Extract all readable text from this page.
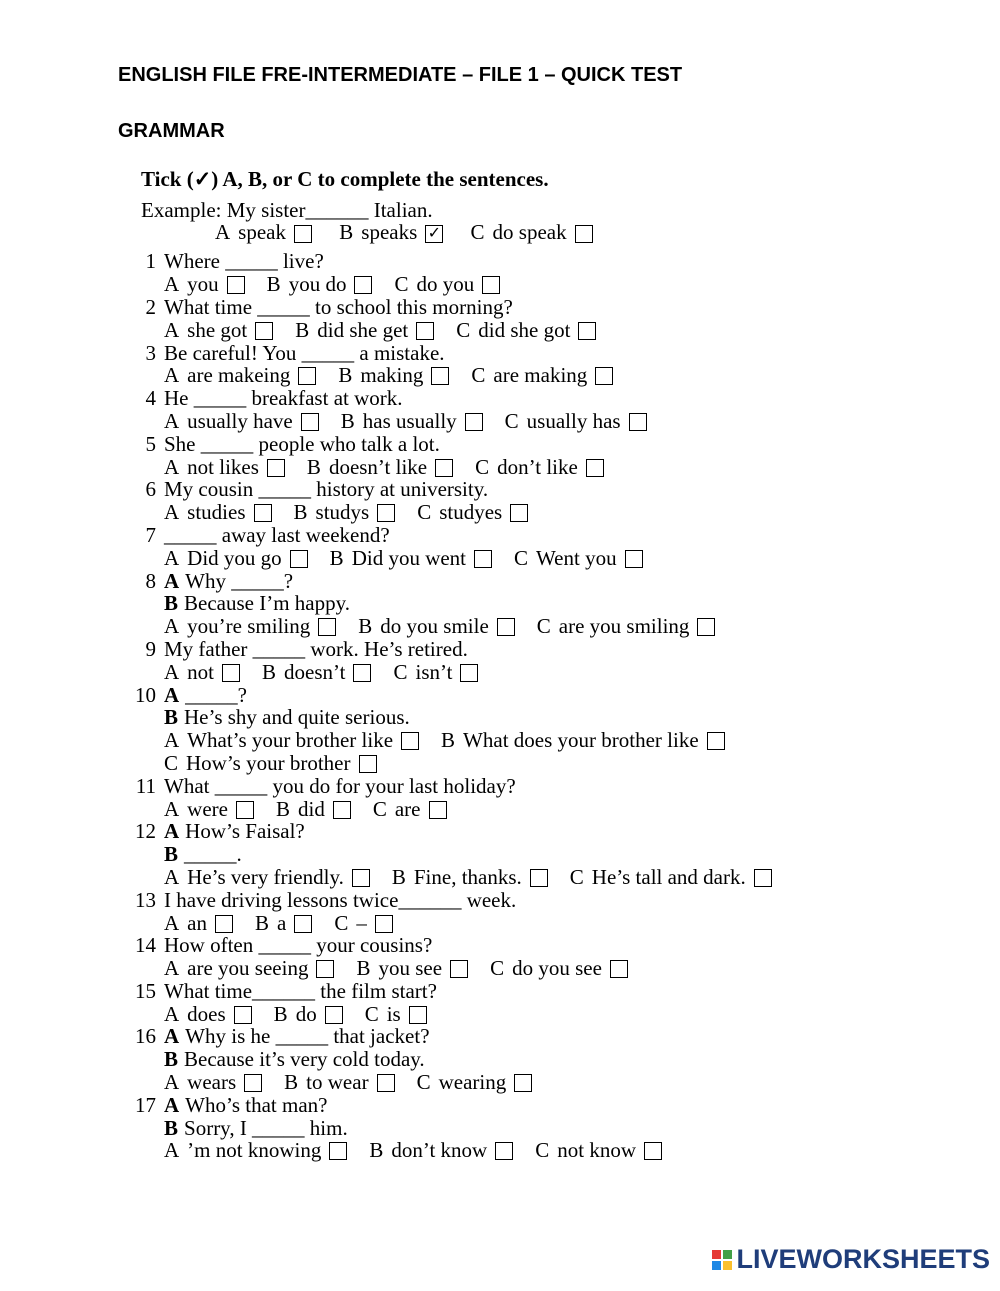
ENGLISH FILE FRE-INTERMEDIATE – FILE 1 – QUICK TEST
GRAMMAR
Tick (✓) A, B, or C to complete the sentences.
Example: My sister______ Italian.
A speak
	B speaks ✓
C do speak
1 Where _____ live?
A you B you do C do you
2 What time _____ to school this morning?
A she got B did she get C did she got
3 Be careful! You _____ a mistake.
A are makeing B making C are making
4 He _____ breakfast at work.
A usually have B has usually C usually has
5 She _____ people who talk a lot.
A not likes B doesn’t like C don’t like
6 My cousin _____ history at university.
A studies B studys C studyes
7 _____ away last weekend?
A Did you go B Did you went C Went you
8 A Why _____?
B Because I’m happy.
A you’re smiling B do you smile C are you smiling
9 My father _____ work. He’s retired.
A not B doesn’t C isn’t
10 A _____?
B He’s shy and quite serious.
A What’s your brother like B What does your brother like
C How’s your brother
11 What _____ you do for your last holiday?
A were B did C are
12 A How’s Faisal?
B _____.
A He’s very friendly. B Fine, thanks. C He’s tall and dark.
13 I have driving lessons twice______ week.
A an B a C –
14 How often _____ your cousins?
A are you seeing B you see C do you see
15 What time______ the film start?
A does B do C is
16 A Why is he _____ that jacket?
B Because it’s very cold today.
A wears B to wear C wearing
17 A Who’s that man?
B Sorry, I _____ him.
A ’m not knowing B don’t know C not know
LIVEWORKSHEETS
